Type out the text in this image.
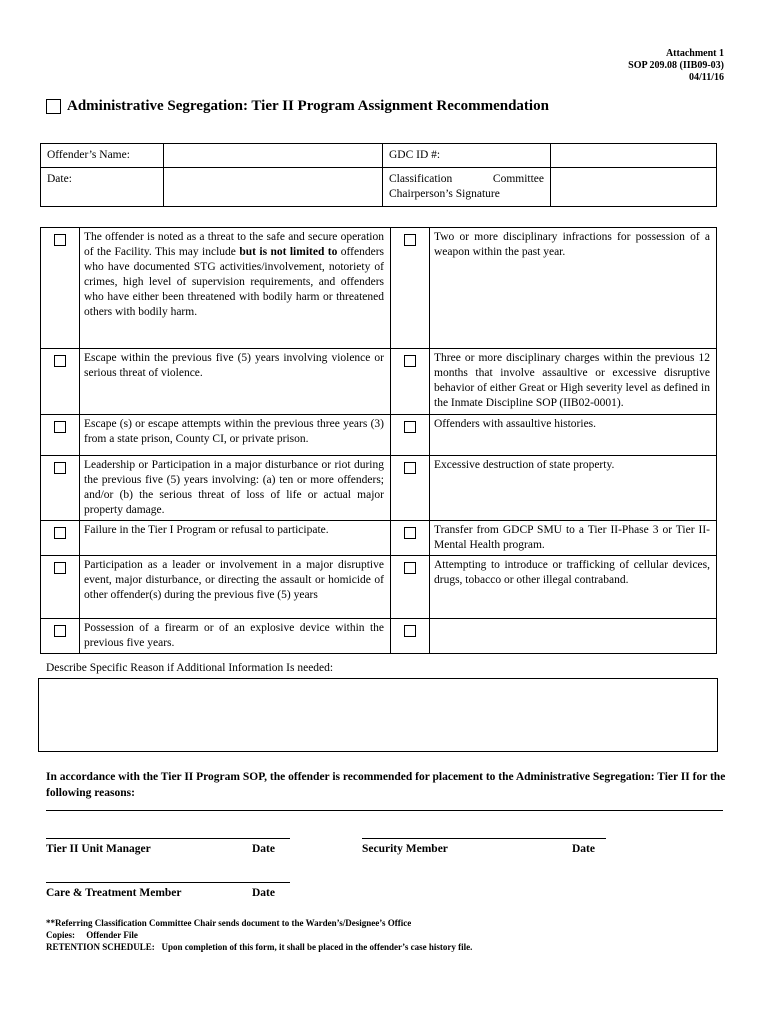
Attachment 1
SOP 209.08 (IIB09-03)
04/11/16
Administrative Segregation: Tier II Program Assignment Recommendation
Offender’s Name:		GDC ID #:	
Date:		Classification Committee
Chairperson’s Signature	

	The offender is noted as a threat to the safe and secure operation of the Facility. This may include but is not limited to offenders who have documented STG activities/involvement, notoriety of crimes, high level of supervision requirements, and offenders who have either been threatened with bodily harm or threatened others with bodily harm.		Two or more disciplinary infractions for possession of a weapon within the past year.
	Escape within the previous five (5) years involving violence or serious threat of violence.		Three or more disciplinary charges within the previous 12 months that involve assaultive or excessive disruptive behavior of either Great or High severity level as defined in the Inmate Discipline SOP (IIB02-0001).
	Escape (s) or escape attempts within the previous three years (3) from a state prison, County CI, or private prison.		Offenders with assaultive histories.
	Leadership or Participation in a major disturbance or riot during the previous five (5) years involving: (a) ten or more offenders; and/or (b) the serious threat of loss of life or actual major property damage.		Excessive destruction of state property.
	Failure in the Tier I Program or refusal to participate.		Transfer from GDCP SMU to a Tier II-Phase 3 or Tier II-Mental Health program.
	Participation as a leader or involvement in a major disruptive event, major disturbance, or directing the assault or homicide of other offender(s) during the previous five (5) years		Attempting to introduce or trafficking of cellular devices, drugs, tobacco or other illegal contraband.
	Possession of a firearm or of an explosive device within the previous five years.		
Describe Specific Reason if Additional Information Is needed:
In accordance with the Tier II Program SOP, the offender is recommended for placement to the Administrative Segregation: Tier II for the following reasons:
Tier II Unit Manager	Date	Security Member	Date
Care & Treatment Member	Date
**Referring Classification Committee Chair sends document to the Warden’s/Designee’s Office
Copies:     Offender File
RETENTION SCHEDULE:   Upon completion of this form, it shall be placed in the offender’s case history file.
